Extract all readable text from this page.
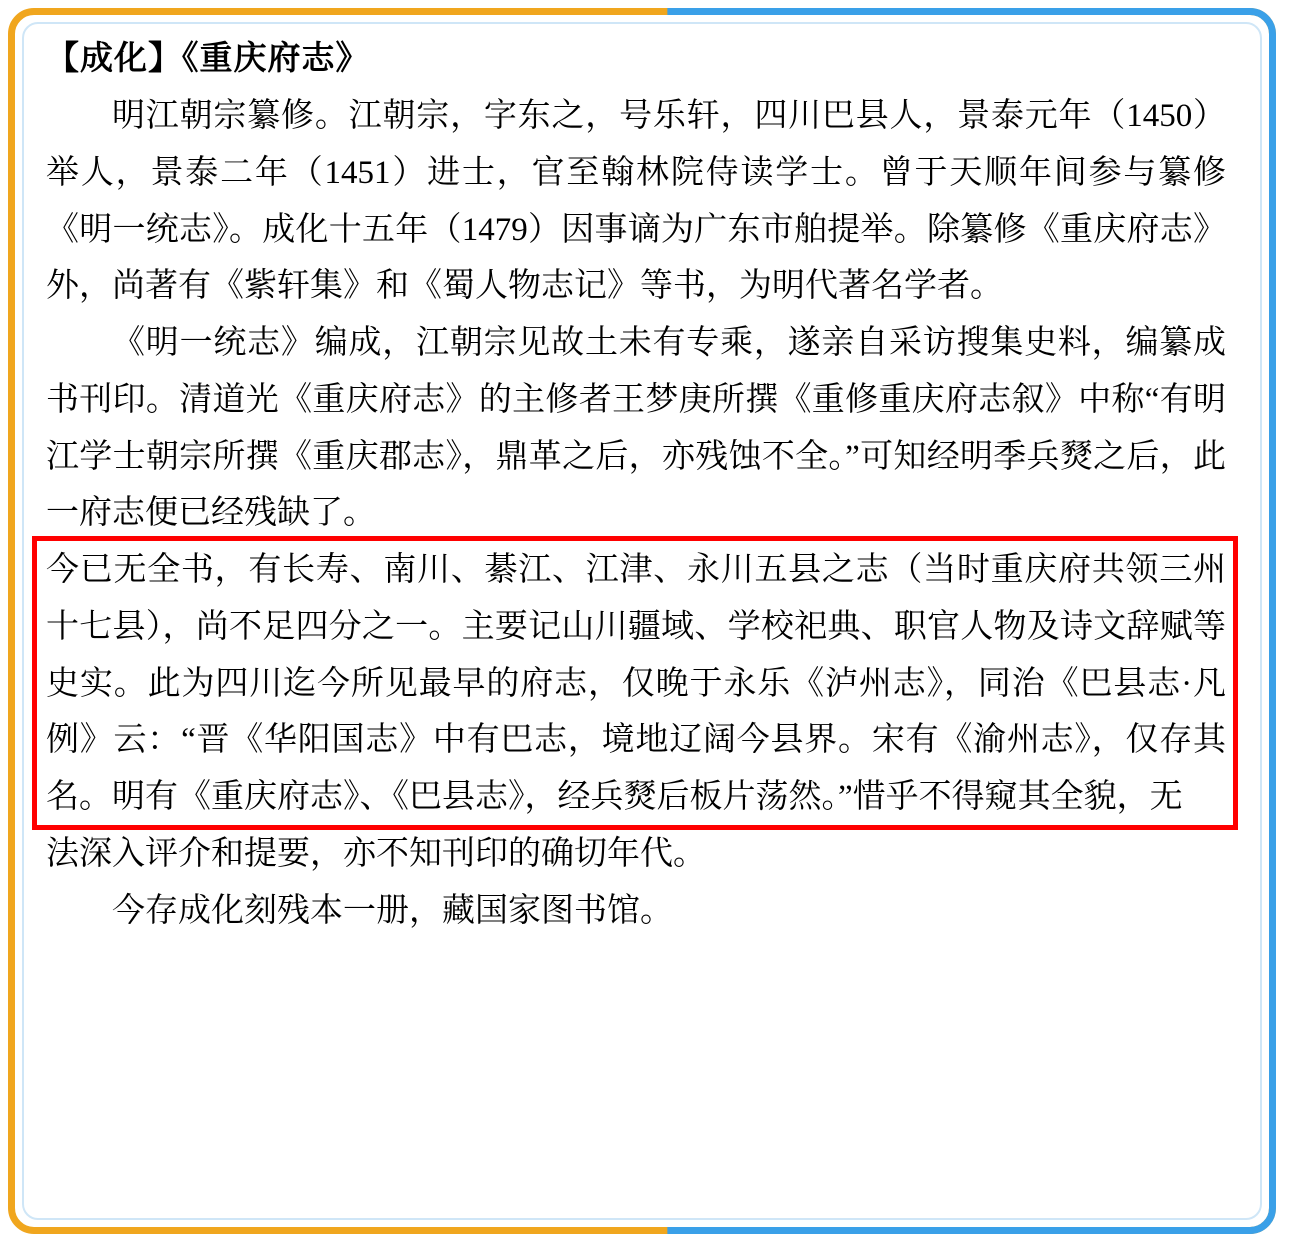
【成化】《重庆府志》

明江朝宗纂修。江朝宗，字东之，号乐轩，四川巴县人，景泰元年（1450）举人，景泰二年（1451）进士，官至翰林院侍读学士。曾于天顺年间参与纂修《明一统志》。成化十五年（1479）因事谪为广东市舶提举。除纂修《重庆府志》外，尚著有《紫轩集》和《蜀人物志记》等书，为明代著名学者。

《明一统志》编成，江朝宗见故土未有专乘，遂亲自采访搜集史料，编纂成书刊印。清道光《重庆府志》的主修者王梦庚所撰《重修重庆府志叙》中称“有明江学士朝宗所撰《重庆郡志》，鼎革之后，亦残蚀不全。”可知经明季兵燹之后，此一府志便已经残缺了。

今已无全书，有长寿、南川、綦江、江津、永川五县之志（当时重庆府共领三州十七县），尚不足四分之一。主要记山川疆域、学校祀典、职官人物及诗文辞赋等史实。此为四川迄今所见最早的府志，仅晚于永乐《泸州志》，同治《巴县志·凡例》云：“晋《华阳国志》中有巴志，境地辽阔今县界。宋有《渝州志》，仅存其名。明有《重庆府志》、《巴县志》，经兵燹后板片荡然。”惜乎不得窥其全貌，无

法深入评介和提要，亦不知刊印的确切年代。

今存成化刻残本一册，藏国家图书馆。
